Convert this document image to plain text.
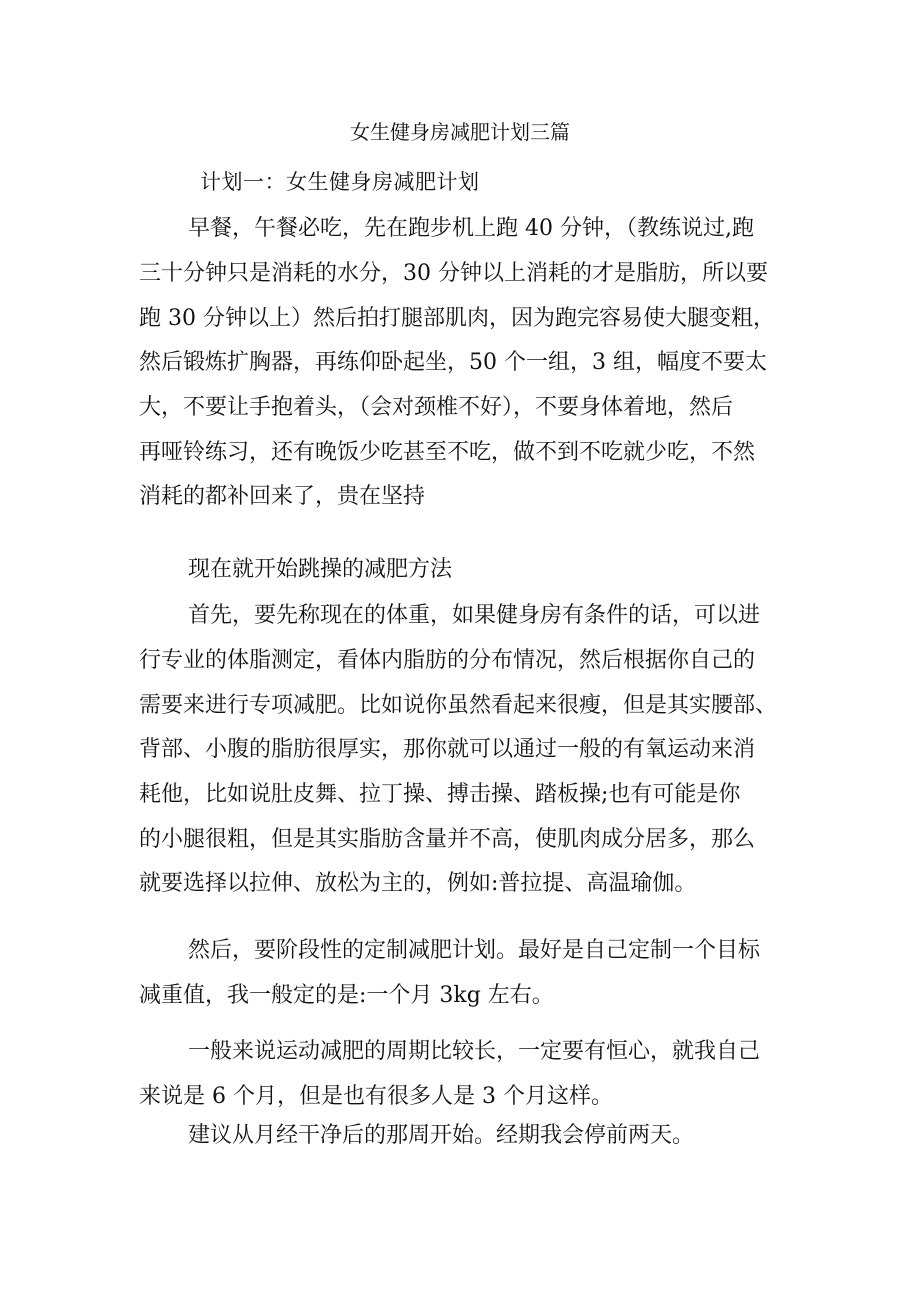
女生健身房减肥计划三篇
计划一：女生健身房减肥计划
早餐，午餐必吃，先在跑步机上跑 40 分钟，（教练说过,跑
三十分钟只是消耗的水分，30 分钟以上消耗的才是脂肪，所以要
跑 30 分钟以上）然后拍打腿部肌肉，因为跑完容易使大腿变粗，
然后锻炼扩胸器，再练仰卧起坐，50 个一组，3 组，幅度不要太
大，不要让手抱着头，（会对颈椎不好），不要身体着地，然后
再哑铃练习，还有晚饭少吃甚至不吃，做不到不吃就少吃，不然
消耗的都补回来了，贵在坚持
现在就开始跳操的减肥方法
首先，要先称现在的体重，如果健身房有条件的话，可以进
行专业的体脂测定，看体内脂肪的分布情况，然后根据你自己的
需要来进行专项减肥。比如说你虽然看起来很瘦，但是其实腰部、
背部、小腹的脂肪很厚实，那你就可以通过一般的有氧运动来消
耗他，比如说肚皮舞、拉丁操、搏击操、踏板操;也有可能是你
的小腿很粗，但是其实脂肪含量并不高，使肌肉成分居多，那么
就要选择以拉伸、放松为主的，例如:普拉提、高温瑜伽。
然后，要阶段性的定制减肥计划。最好是自己定制一个目标
减重值，我一般定的是:一个月 3kg 左右。
一般来说运动减肥的周期比较长，一定要有恒心，就我自己
来说是 6 个月，但是也有很多人是 3 个月这样。
建议从月经干净后的那周开始。经期我会停前两天。
